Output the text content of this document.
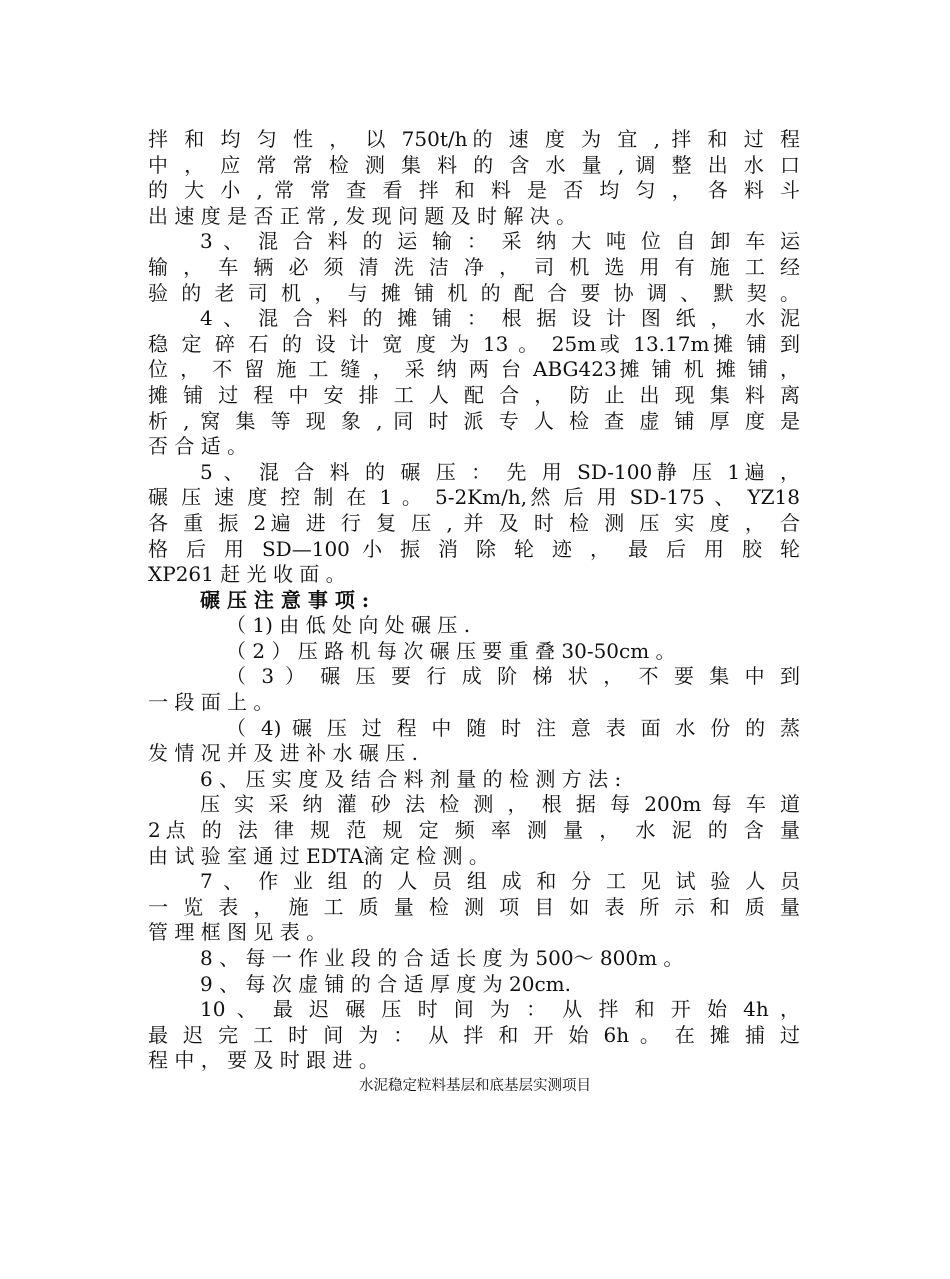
拌 和 均 匀 性 ， 以 750t/h的 速 度 为 宜 , 拌 和 过 程
中 ， 应 常 常 检 测 集 料 的 含 水 量 , 调 整 出 水 口
的 大 小 , 常 常 查 看 拌 和 料 是 否 均 匀 ， 各 料 斗
出 速 度 是 否 正 常 , 发 现 问 题 及 时 解 决 。
3 、 混 合 料 的 运 输 ： 采 纳 大 吨 位 自 卸 车 运
输 ， 车 辆 必 须 清 洗 洁 净 ， 司 机 选 用 有 施 工 经
验 的 老 司 机 ， 与 摊 铺 机 的 配 合 要 协 调 、 默 契 。
4 、 混 合 料 的 摊 铺 ： 根 据 设 计 图 纸 ， 水 泥
稳 定 碎 石 的 设 计 宽 度 为 13 。 25m或 13.17m摊 铺 到
位 ， 不 留 施 工 缝 ， 采 纳 两 台 ABG423摊 铺 机 摊 铺 ，
摊 铺 过 程 中 安 排 工 人 配 合 ， 防 止 出 现 集 料 离
析 , 窝 集 等 现 象 , 同 时 派 专 人 检 查 虚 铺 厚 度 是
否 合 适 。
5 、 混 合 料 的 碾 压 ： 先 用 SD-100静 压 1遍 ，
碾 压 速 度 控 制 在 1 。 5-2Km/h,然 后 用 SD-175 、 YZ18
各 重 振 2遍 进 行 复 压 , 并 及 时 检 测 压 实 度 ， 合
格 后 用 SD—100 小 振 消 除 轮 迹 ， 最 后 用 胶 轮
XP261 赶 光 收 面 。
碾 压 注 意 事 项 :
（ 1) 由 低 处 向 处 碾 压 .
（ 2 ） 压 路 机 每 次 碾 压 要 重 叠 30-50cm 。
（ 3 ） 碾 压 要 行 成 阶 梯 状 ， 不 要 集 中 到
一 段 面 上 。
（ 4) 碾 压 过 程 中 随 时 注 意 表 面 水 份 的 蒸
发 情 况 并 及 进 补 水 碾 压 .
6 、 压 实 度 及 结 合 料 剂 量 的 检 测 方 法 :
压 实 采 纳 灌 砂 法 检 测 ， 根 据 每 200m 每 车 道
2点 的 法 律 规 范 规 定 频 率 测 量 ， 水 泥 的 含 量
由 试 验 室 通 过 EDTA滴 定 检 测 。
7 、 作 业 组 的 人 员 组 成 和 分 工 见 试 验 人 员
一 览 表 ， 施 工 质 量 检 测 项 目 如 表 所 示 和 质 量
管 理 框 图 见 表 。
8 、 每 一 作 业 段 的 合 适 长 度 为 500～ 800m 。
9 、 每 次 虚 铺 的 合 适 厚 度 为 20cm.
10 、 最 迟 碾 压 时 间 为 ： 从 拌 和 开 始 4h ，
最 迟 完 工 时 间 为 ： 从 拌 和 开 始 6h 。 在 摊 捕 过
程 中 ， 要 及 时 跟 进 。
水泥稳定粒料基层和底基层实测项目
